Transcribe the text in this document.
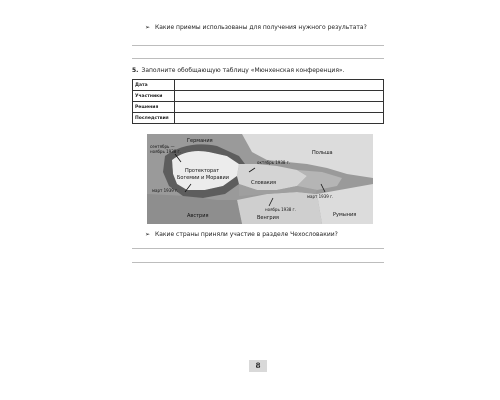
➢ Какие приемы использованы для получения нужного результата?
5. Заполните обобщающую таблицу «Мюнхенская конференция».
Дата	
Участники	
Решения	
Последствия	
Германия
сентябрь —
ноябрь 1938 г.
октябрь 1938 г.
Польша
Протекторат
Богемии и Моравии
Словакия
март 1939 г.
март 1939 г.
ноябрь 1938 г.
Австрия	Венгрия	Румыния
➢ Какие страны приняли участие в разделе Чехословакии?
8
